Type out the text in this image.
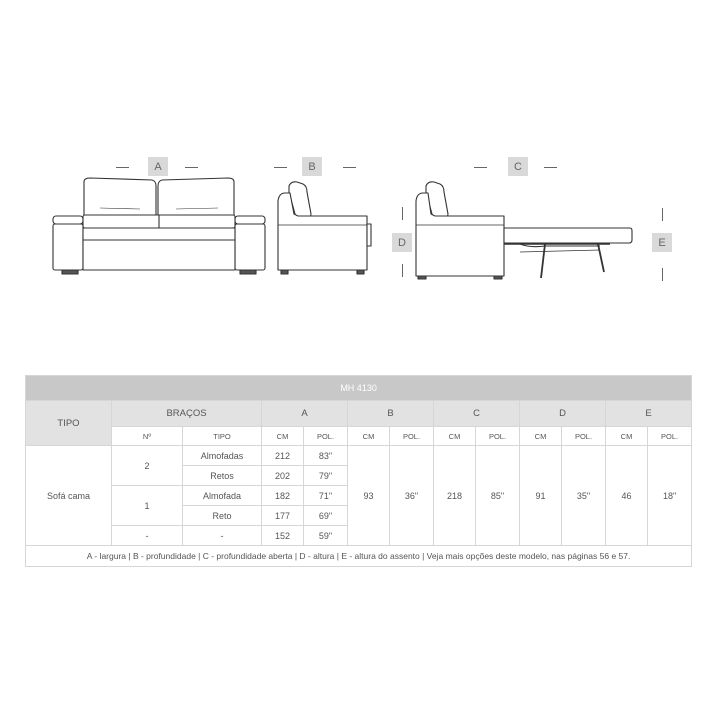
A	B	C
D	E
MH 4130												
TIPO	BRAÇOS		A		B		C		D		E	
	Nº	TIPO	CM	POL.	CM	POL.	CM	POL.	CM	POL.	CM	POL.
Sofá cama	2	Almofadas	212	83"	93	36"	218	85"	91	35"	46	18"
		Retos	202	79"								
	1	Almofada	182	71"								
		Reto	177	69"								
	-	-	152	59"								
A - largura | B - profundidade | C - profundidade aberta | D - altura | E - altura do assento | Veja mais opções deste modelo, nas páginas 56 e 57.												
